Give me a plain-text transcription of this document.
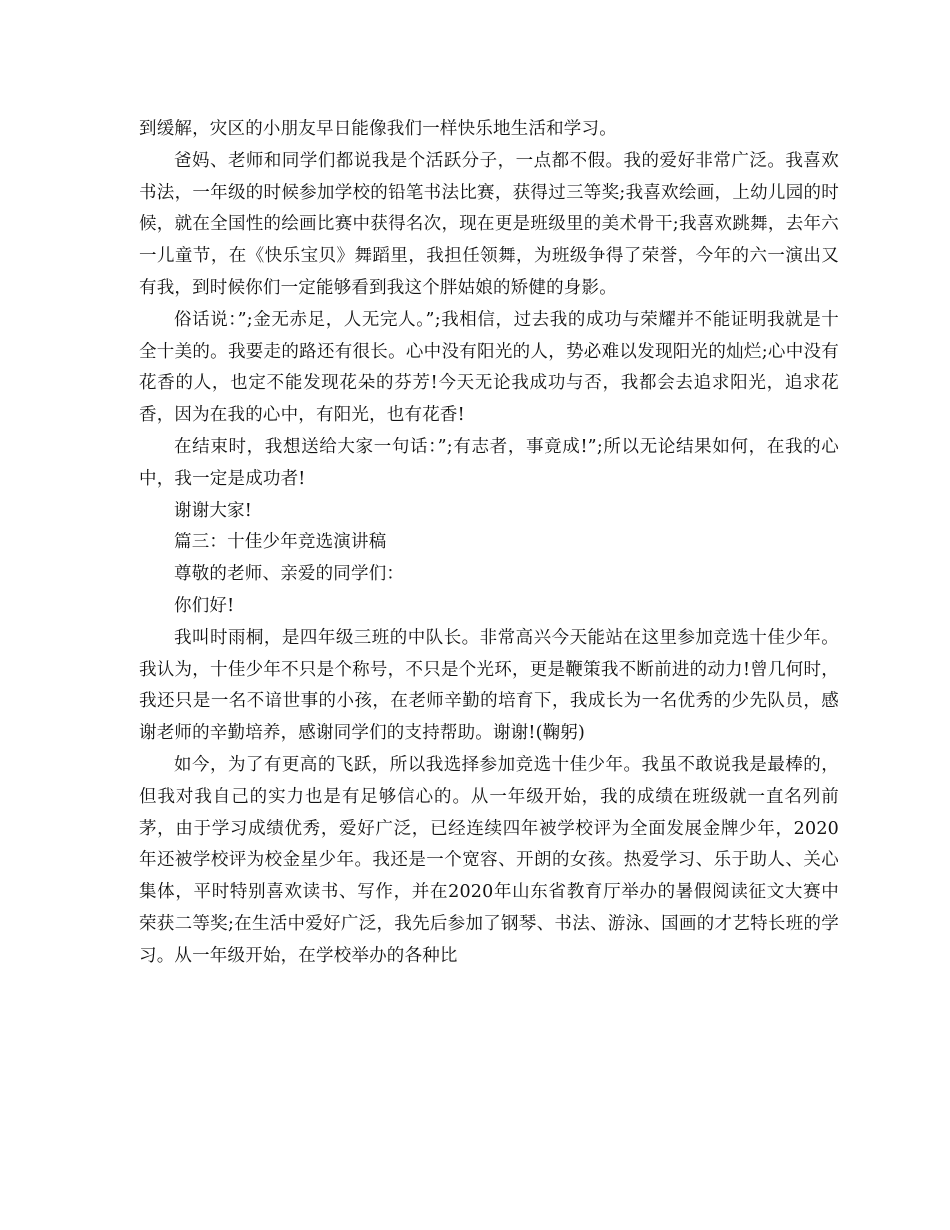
到缓解，灾区的小朋友早日能像我们一样快乐地生活和学习。

爸妈、老师和同学们都说我是个活跃分子，一点都不假。我的爱好非常广泛。我喜欢书法，一年级的时候参加学校的铅笔书法比赛，获得过三等奖;我喜欢绘画，上幼儿园的时候，就在全国性的绘画比赛中获得名次，现在更是班级里的美术骨干;我喜欢跳舞，去年六一儿童节，在《快乐宝贝》舞蹈里，我担任领舞，为班级争得了荣誉，今年的六一演出又有我，到时候你们一定能够看到我这个胖姑娘的矫健的身影。

俗话说：”;金无赤足，人无完人。”;我相信，过去我的成功与荣耀并不能证明我就是十全十美的。我要走的路还有很长。心中没有阳光的人，势必难以发现阳光的灿烂;心中没有花香的人，也定不能发现花朵的芬芳!今天无论我成功与否，我都会去追求阳光，追求花香，因为在我的心中，有阳光，也有花香!

在结束时，我想送给大家一句话：”;有志者，事竟成!”;所以无论结果如何，在我的心中，我一定是成功者!

谢谢大家!

篇三：十佳少年竞选演讲稿

尊敬的老师、亲爱的同学们：

你们好!

我叫时雨桐，是四年级三班的中队长。非常高兴今天能站在这里参加竞选十佳少年。我认为，十佳少年不只是个称号，不只是个光环，更是鞭策我不断前进的动力!曾几何时，我还只是一名不谙世事的小孩，在老师辛勤的培育下，我成长为一名优秀的少先队员，感谢老师的辛勤培养，感谢同学们的支持帮助。谢谢!(鞠躬)

如今，为了有更高的飞跃，所以我选择参加竞选十佳少年。我虽不敢说我是最棒的，但我对我自己的实力也是有足够信心的。从一年级开始，我的成绩在班级就一直名列前茅，由于学习成绩优秀，爱好广泛，已经连续四年被学校评为全面发展金牌少年，2020年还被学校评为校金星少年。我还是一个宽容、开朗的女孩。热爱学习、乐于助人、关心集体，平时特别喜欢读书、写作，并在2020年山东省教育厅举办的暑假阅读征文大赛中荣获二等奖;在生活中爱好广泛，我先后参加了钢琴、书法、游泳、国画的才艺特长班的学习。从一年级开始，在学校举办的各种比
